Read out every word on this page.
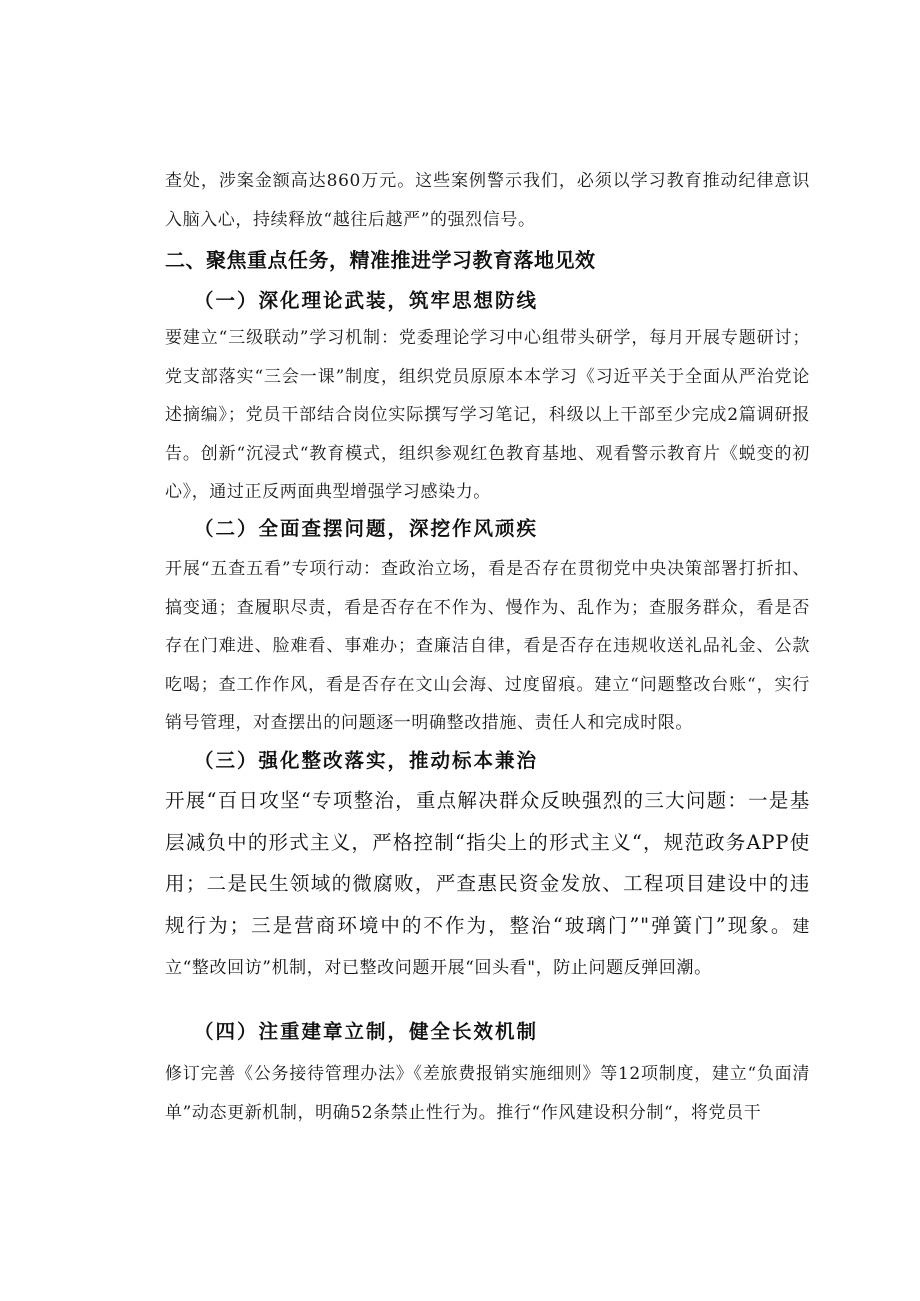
查处，涉案金额高达860万元。这些案例警示我们，必须以学习教育推动纪律意识入脑入心，持续释放“越往后越严”的强烈信号。

二、聚焦重点任务，精准推进学习教育落地见效
（一）深化理论武装，筑牢思想防线

要建立“三级联动”学习机制：党委理论学习中心组带头研学，每月开展专题研讨；党支部落实“三会一课”制度，组织党员原原本本学习《习近平关于全面从严治党论述摘编》；党员干部结合岗位实际撰写学习笔记，科级以上干部至少完成2篇调研报告。创新“沉浸式“教育模式，组织参观红色教育基地、观看警示教育片《蜕变的初心》，通过正反两面典型增强学习感染力。

（二）全面查摆问题，深挖作风顽疾

开展“五查五看”专项行动：查政治立场，看是否存在贯彻党中央决策部署打折扣、搞变通；查履职尽责，看是否存在不作为、慢作为、乱作为；查服务群众，看是否存在门难进、脸难看、事难办；查廉洁自律，看是否存在违规收送礼品礼金、公款吃喝；查工作作风，看是否存在文山会海、过度留痕。建立“问题整改台账“，实行销号管理，对查摆出的问题逐一明确整改措施、责任人和完成时限。

（三）强化整改落实，推动标本兼治

开展“百日攻坚“专项整治，重点解决群众反映强烈的三大问题：一是基层减负中的形式主义，严格控制“指尖上的形式主义“，规范政务APP使用；二是民生领域的微腐败，严查惠民资金发放、工程项目建设中的违规行为；三是营商环境中的不作为，整治“玻璃门”"弹簧门”现象。建立“整改回访”机制，对已整改问题开展“回头看"，防止问题反弹回潮。

（四）注重建章立制，健全长效机制

修订完善《公务接待管理办法》《差旅费报销实施细则》等12项制度，建立“负面清单”动态更新机制，明确52条禁止性行为。推行“作风建设积分制“，将党员干
